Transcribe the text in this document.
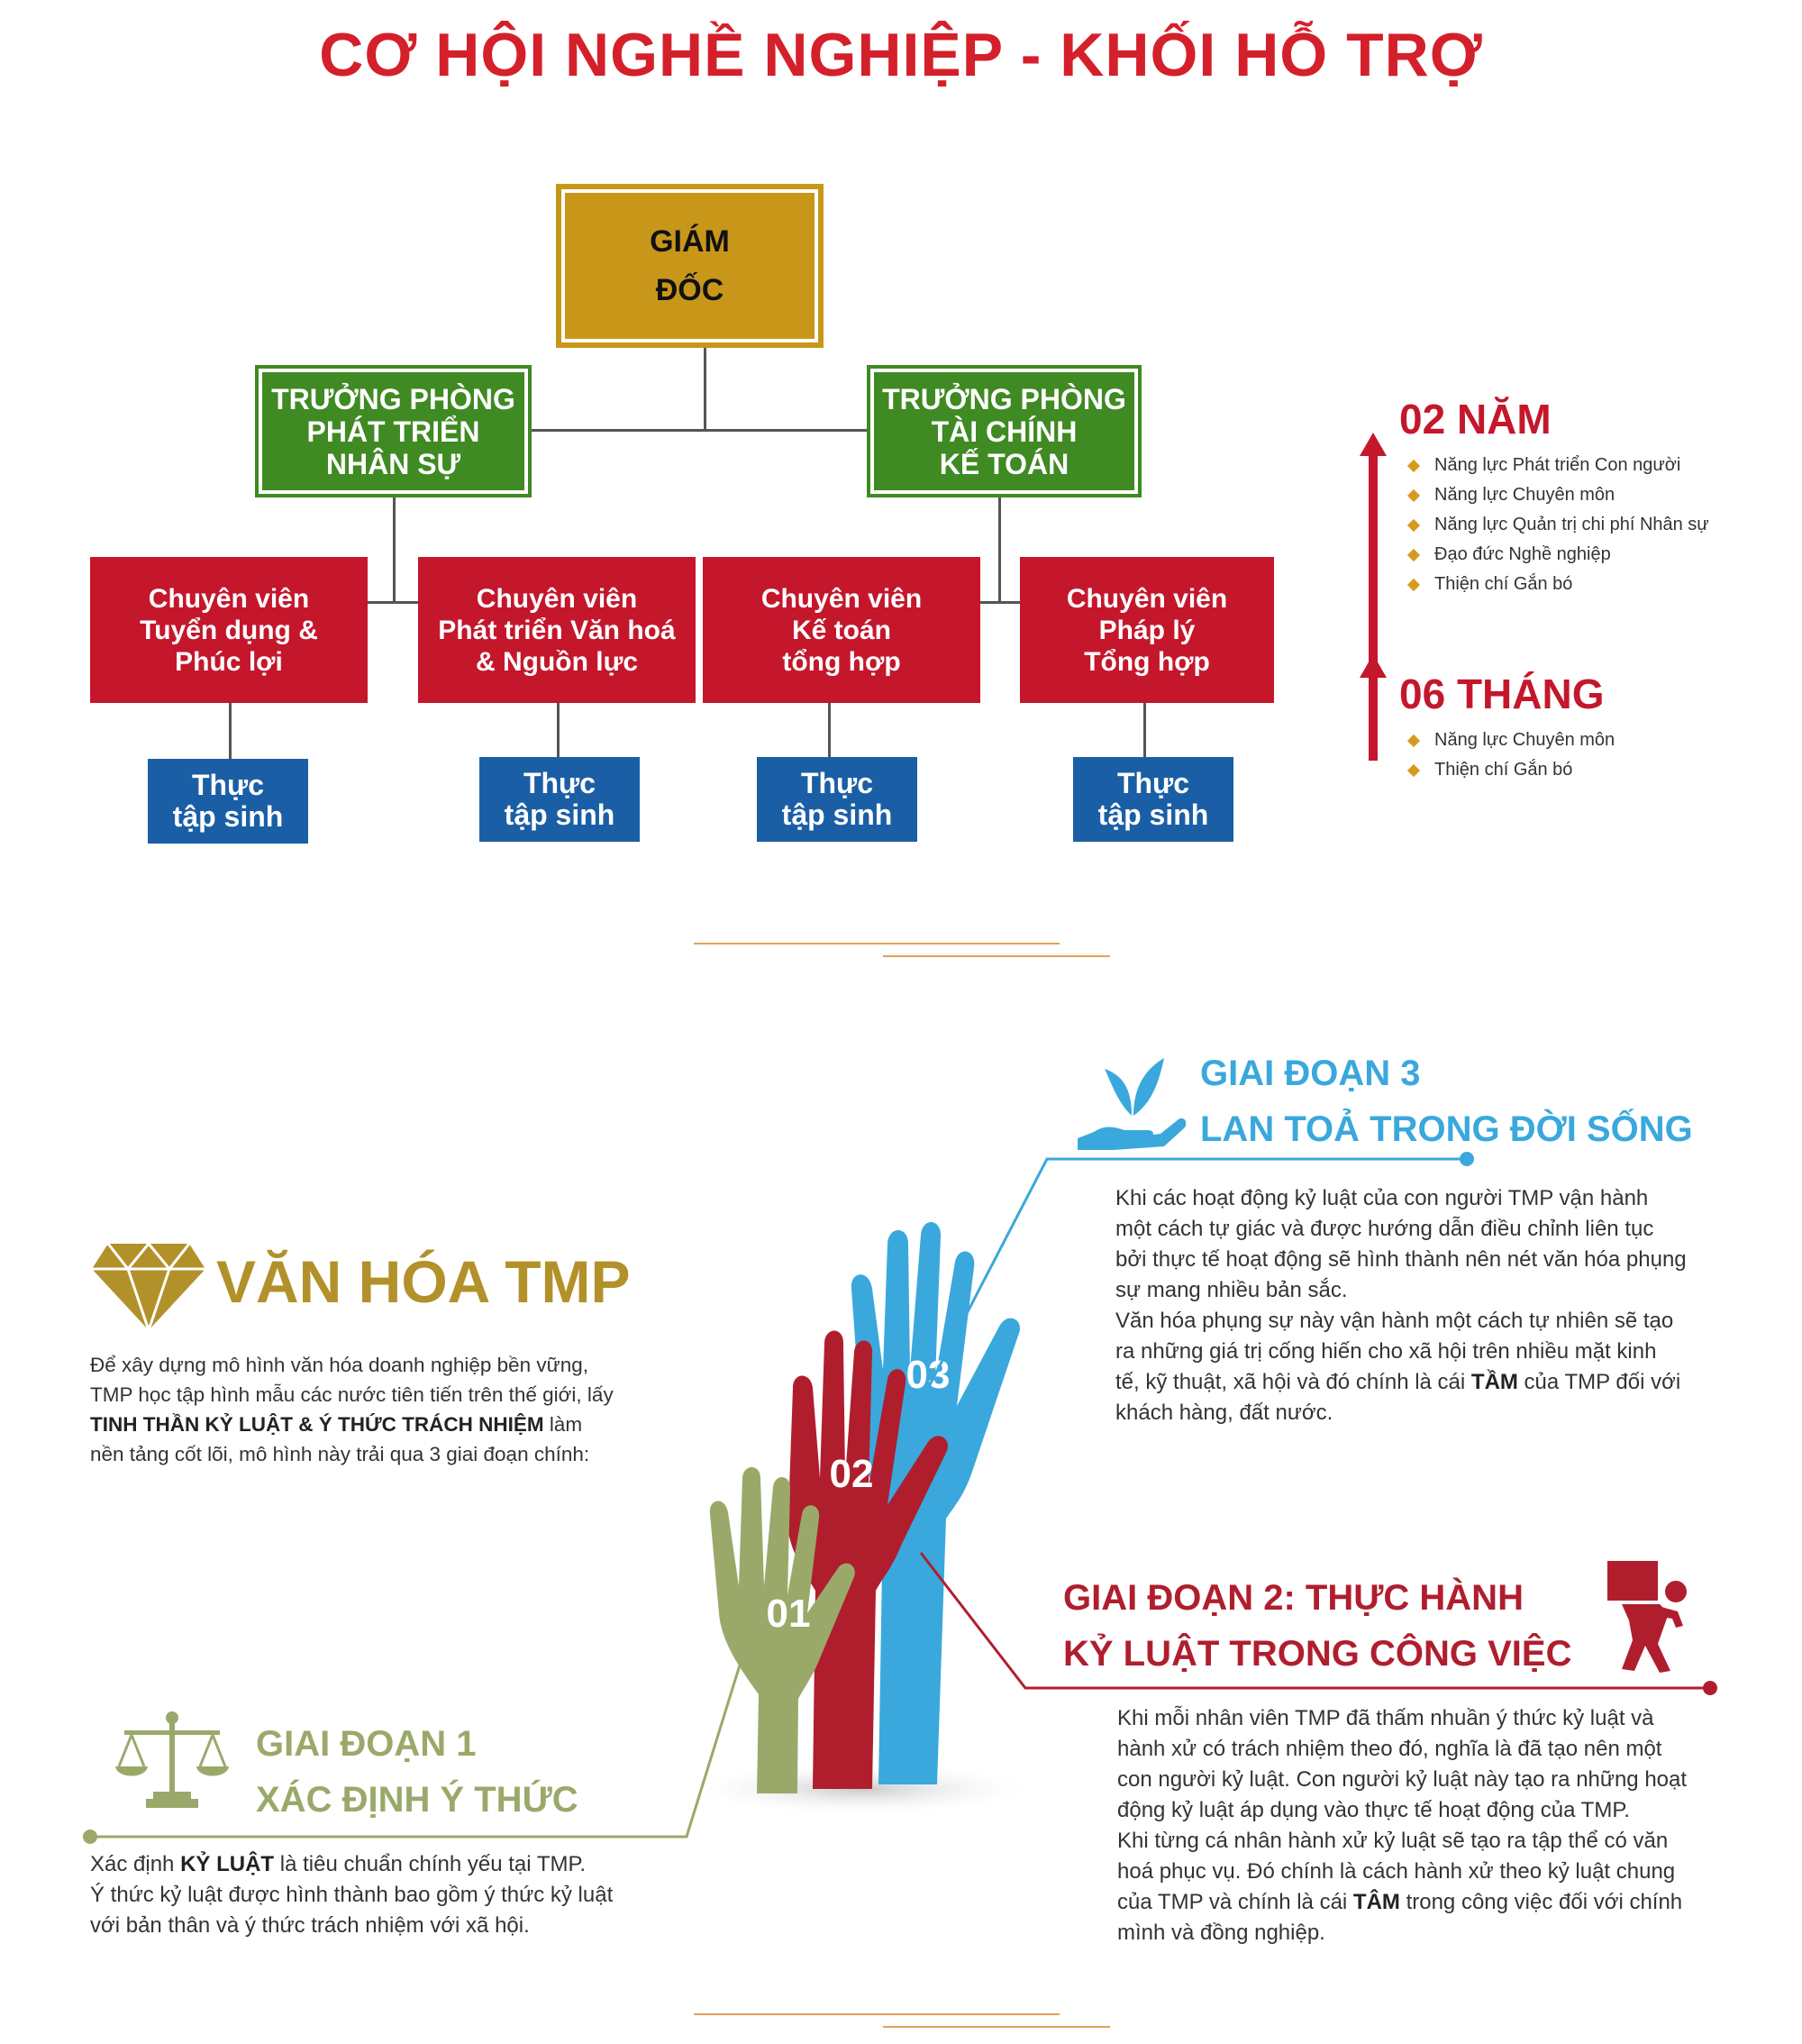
CƠ HỘI NGHỀ NGHIỆP - KHỐI HỖ TRỢ
GIÁM
ĐỐC
TRƯỞNG PHÒNG
PHÁT TRIỂN
NHÂN SỰ
TRƯỞNG PHÒNG
TÀI CHÍNH
KẾ TOÁN
Chuyên viên
Tuyển dụng &
Phúc lợi
Chuyên viên
Phát triển Văn hoá
& Nguồn lực
Chuyên viên
Kế toán
tổng hợp
Chuyên viên
Pháp lý
Tổng hợp
Thực
tập sinh
Thực
tập sinh
Thực
tập sinh
Thực
tập sinh
02 NĂM
Năng lực Phát triển Con người
Năng lực Chuyên môn
Năng lực Quản trị chi phí Nhân sự
Đạo đức Nghề nghiệp
Thiện chí Gắn bó
06 THÁNG
Năng lực Chuyên môn
Thiện chí Gắn bó
VĂN HÓA TMP
Để xây dựng mô hình văn hóa doanh nghiệp bền vững,
TMP học tập hình mẫu các nước tiên tiến trên thế giới, lấy
TINH THẦN KỶ LUẬT & Ý THỨC TRÁCH NHIỆM làm
nền tảng cốt lõi, mô hình này trải qua 3 giai đoạn chính:
03
02
01
GIAI ĐOẠN 3
LAN TOẢ TRONG ĐỜI SỐNG
Khi các hoạt động kỷ luật của con người TMP vận hành
một cách tự giác và được hướng dẫn điều chỉnh liên tục
bởi thực tế hoạt động sẽ hình thành nên nét văn hóa phụng
sự mang nhiều bản sắc.
Văn hóa phụng sự này vận hành một cách tự nhiên sẽ tạo
ra những giá trị cống hiến cho xã hội trên nhiều mặt kinh
tế, kỹ thuật, xã hội và đó chính là cái TẦM của TMP đối với
khách hàng, đất nước.
GIAI ĐOẠN 2: THỰC HÀNH
KỶ LUẬT TRONG CÔNG VIỆC
Khi mỗi nhân viên TMP đã thấm nhuần ý thức kỷ luật và
hành xử có trách nhiệm theo đó, nghĩa là đã tạo nên một
con người kỷ luật. Con người kỷ luật này tạo ra những hoạt
động kỷ luật áp dụng vào thực tế hoạt động của TMP.
Khi từng cá nhân hành xử kỷ luật sẽ tạo ra tập thể có văn
hoá phục vụ. Đó chính là cách hành xử theo kỷ luật chung
của TMP và chính là cái TÂM trong công việc đối với chính
mình và đồng nghiệp.
GIAI ĐOẠN 1
XÁC ĐỊNH Ý THỨC
Xác định KỶ LUẬT là tiêu chuẩn chính yếu tại TMP.
Ý thức kỷ luật được hình thành bao gồm ý thức kỷ luật
với bản thân và ý thức trách nhiệm với xã hội.
